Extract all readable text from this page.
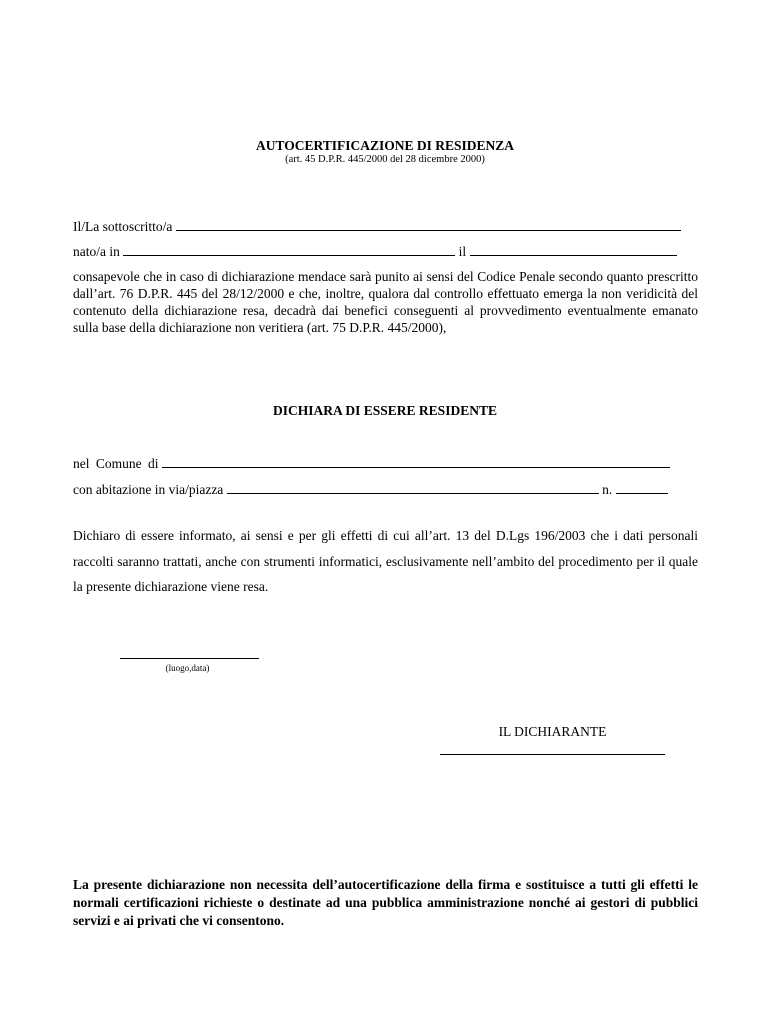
AUTOCERTIFICAZIONE DI RESIDENZA
(art. 45 D.P.R. 445/2000 del 28 dicembre 2000)
Il/La sottoscritto/a
nato/a in	il
consapevole che in caso di dichiarazione mendace sarà punito ai sensi del Codice Penale secondo quanto prescritto dall’art. 76 D.P.R. 445 del 28/12/2000 e che, inoltre, qualora dal controllo effettuato emerga la non veridicità del contenuto della dichiarazione resa, decadrà dai benefici conseguenti al provvedimento eventualmente emanato sulla base della dichiarazione non veritiera (art. 75 D.P.R. 445/2000),
DICHIARA DI ESSERE RESIDENTE
nel Comune di
con abitazione in via/piazza	n.
Dichiaro di essere informato, ai sensi e per gli effetti di cui all’art. 13 del D.Lgs 196/2003 che i dati personali raccolti saranno trattati, anche con strumenti informatici, esclusivamente nell’ambito del procedimento per il quale la presente dichiarazione viene resa.
(luogo,data)
IL DICHIARANTE
La presente dichiarazione non necessita dell’autocertificazione della firma e sostituisce a tutti gli effetti le normali certificazioni richieste o destinate ad una pubblica amministrazione nonché ai gestori di pubblici servizi e ai privati che vi consentono.
